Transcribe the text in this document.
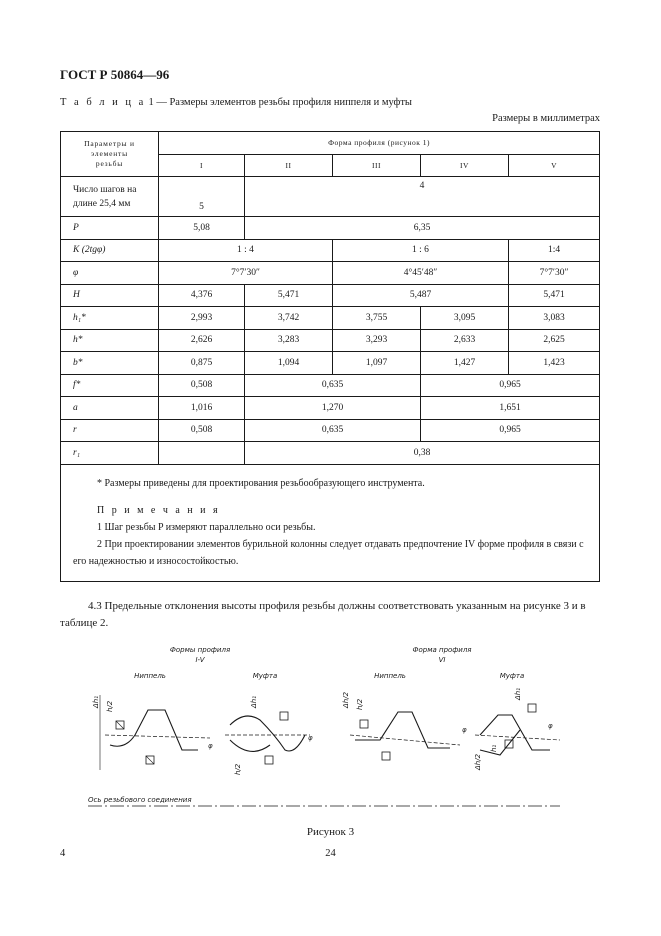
ГОСТ Р 50864—96
Т а б л и ц а 1 — Размеры элементов резьбы профиля ниппеля и муфты
Размеры в миллиметрах
Параметры и
элементы
резьбы	Форма профиля (рисунок 1)				
	I	II	III	IV	V
Число шагов на длине 25,4 мм	5	4			
P	5,08	6,35			
K (2tgφ)	1 : 4		1 : 6		1:4
φ	7°7′30″		4°45′48″		7°7′30″
H	4,376	5,471	5,487		5,471
h₁*	2,993	3,742	3,755	3,095	3,083
h*	2,626	3,283	3,293	2,633	2,625
b*	0,875	1,094	1,097	1,427	1,423
f*	0,508	0,635		0,965	
a	1,016	1,270		1,651	
r	0,508	0,635		0,965	
r₁		0,38			

* Размеры приведены для проектирования резьбообразующего инструмента.

П р и м е ч а н и я

1 Шаг резьбы P измеряют параллельно оси резьбы.

2 При проектировании элементов бурильной колонны следует отдавать предпочтение IV форме профиля в связи с его надежностью и износостойкостью.					

4.3 Предельные отклонения высоты профиля резьбы должны соответствовать указанным на рисунке 3 и в таблице 2.
Формы профиля
I-V
Форма профиля
VI
Ниппель	Муфта	Ниппель	Муфта
Δh₁ h/2
φ
Δh₁
h/2
φ
Δh/2 h/2
φ
Δh₁
Δh/2
h₁
φ
Ось резьбового соединения
Рисунок 3
4	24
